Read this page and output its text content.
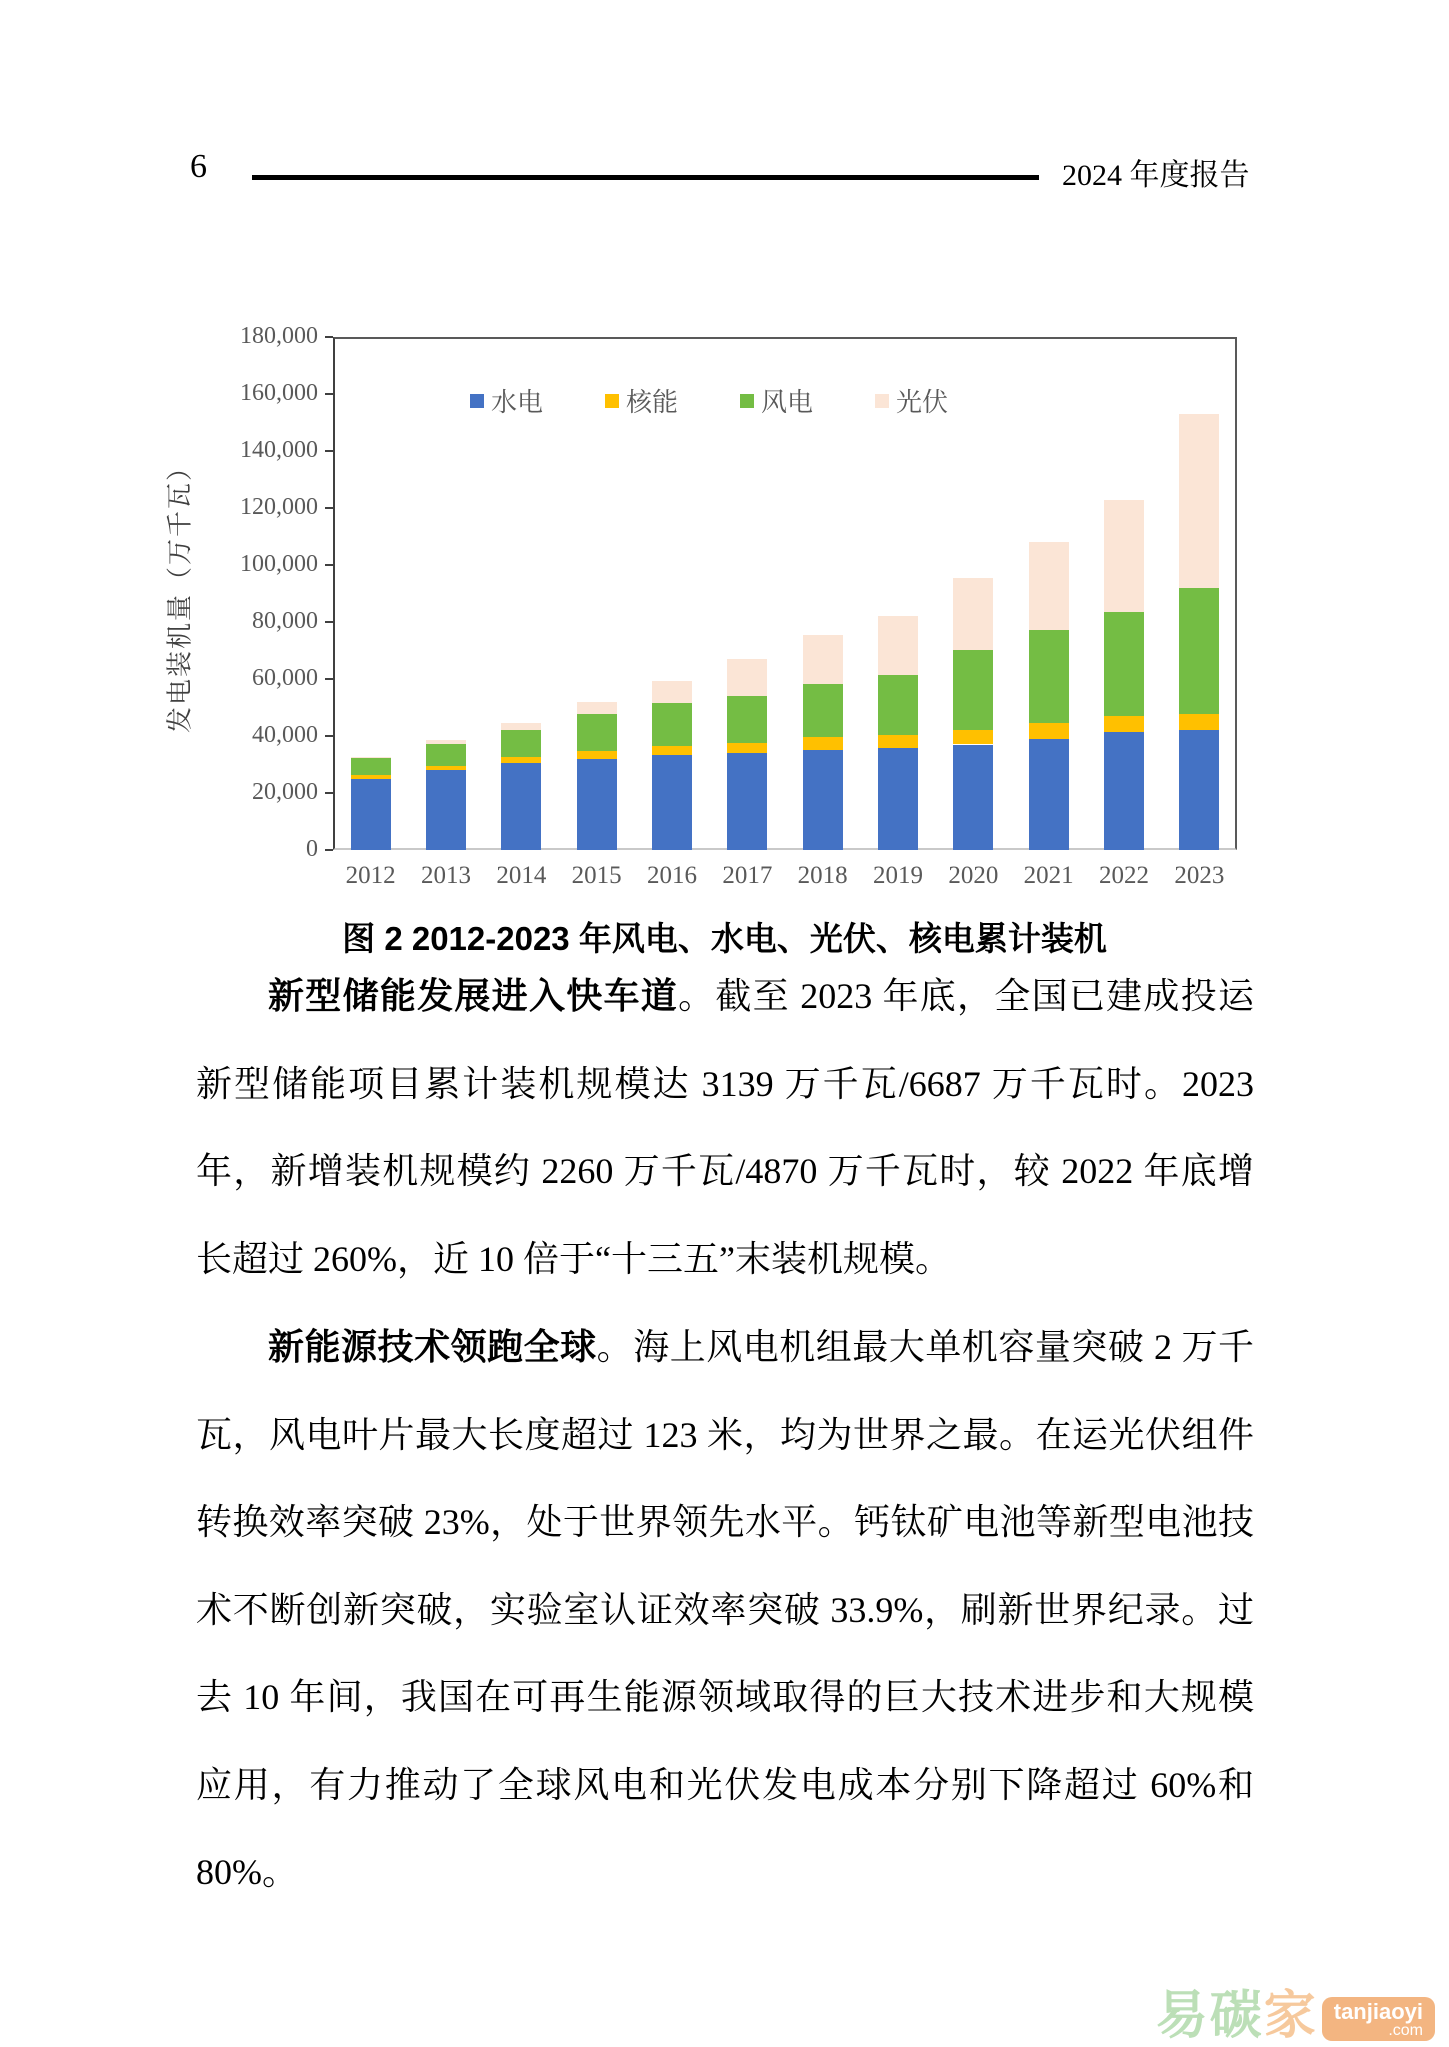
6	2024 年度报告
发电装机量（万千瓦）
水电	核能	风电	光伏
0
20,000
40,000
60,000
80,000
100,000
120,000
140,000
160,000
180,000
2012	2013	2014	2015	2016	2017	2018	2019	2020	2021	2022	2023
图 2 2012-2023 年风电、水电、光伏、核电累计装机

新型储能发展进入快车道。截至 2023 年底，全国已建成投运新型储能项目累计装机规模达 3139 万千瓦/6687 万千瓦时。2023 年，新增装机规模约 2260 万千瓦/4870 万千瓦时，较 2022 年底增长超过 260%，近 10 倍于“十三五”末装机规模。

新能源技术领跑全球。海上风电机组最大单机容量突破 2 万千瓦，风电叶片最大长度超过 123 米，均为世界之最。在运光伏组件转换效率突破 23%，处于世界领先水平。钙钛矿电池等新型电池技术不断创新突破，实验室认证效率突破 33.9%，刷新世界纪录。过去 10 年间，我国在可再生能源领域取得的巨大技术进步和大规模应用，有力推动了全球风电和光伏发电成本分别下降超过 60%和 80%。

易碳 家 tanjiaoyi
.com
